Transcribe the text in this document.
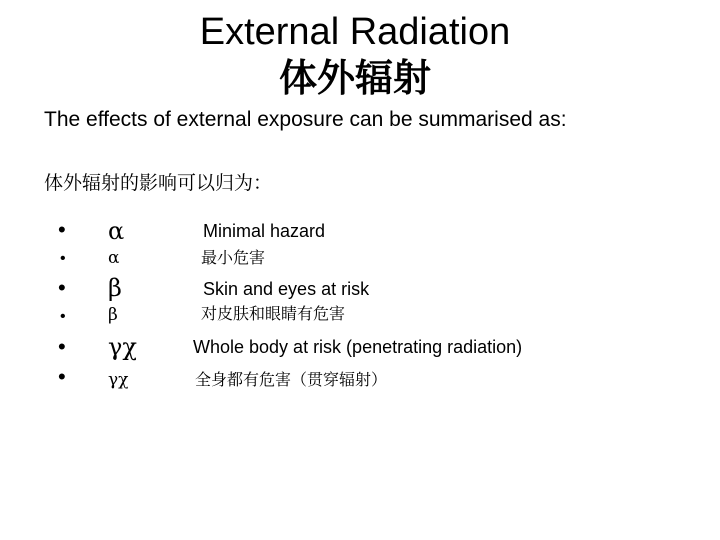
External Radiation
体外辐射
The effects of external exposure can be summarised as:
体外辐射的影响可以归为：
• α	Minimal hazard
• α	最小危害
• β	Skin and eyes at risk
• β	对皮肤和眼睛有危害
• γχ	Whole body at risk (penetrating radiation)
• γχ	全身都有危害（贯穿辐射）
